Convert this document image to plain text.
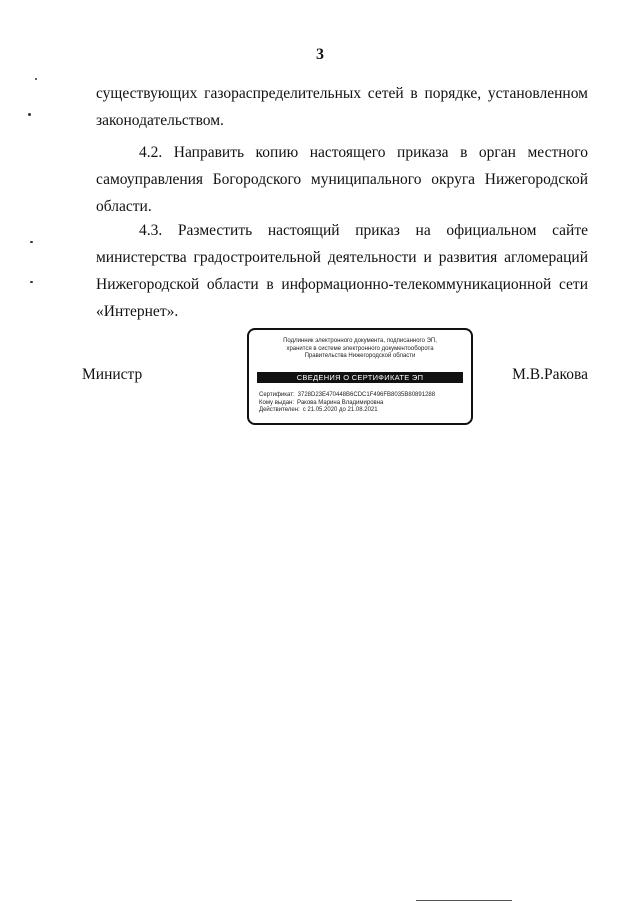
3

существующих газораспределительных сетей в порядке, установленном законодательством.

4.2. Направить копию настоящего приказа в орган местного самоуправления Богородского муниципального округа Нижегородской области.

4.3. Разместить настоящий приказ на официальном сайте министерства градостроительной деятельности и развития агломераций Нижегородской области в информационно-телекоммуникационной сети «Интернет».

Министр	М.В.Ракова
Подлинник электронного документа, подписанного ЭП,
хранится в системе электронного документооборота
Правительства Нижегородской области
СВЕДЕНИЯ О СЕРТИФИКАТЕ ЭП
Сертификат: 3728D23E470448B6CDC1F496FB8035B80891288
Кому выдан: Ракова Марина Владимировна
Действителен: с 21.05.2020 до 21.08.2021
